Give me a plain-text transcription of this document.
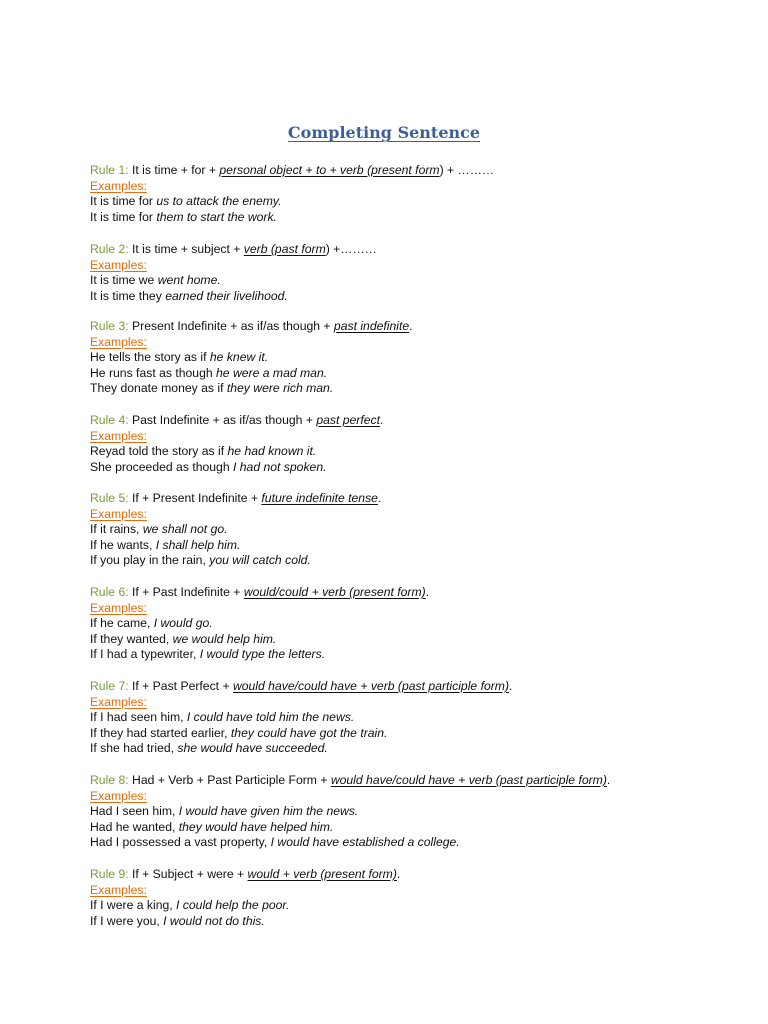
Completing Sentence
Rule 1: It is time + for + personal object + to + verb (present form) + ………
Examples:
It is time for us to attack the enemy.
It is time for them to start the work.
Rule 2: It is time + subject + verb (past form) +………
Examples:
It is time we went home.
It is time they earned their livelihood.
Rule 3: Present Indefinite + as if/as though + past indefinite.
Examples:
He tells the story as if he knew it.
He runs fast as though he were a mad man.
They donate money as if they were rich man.
Rule 4: Past Indefinite + as if/as though + past perfect.
Examples:
Reyad told the story as if he had known it.
She proceeded as though I had not spoken.
Rule 5: If + Present Indefinite + future indefinite tense.
Examples:
If it rains, we shall not go.
If he wants, I shall help him.
If you play in the rain, you will catch cold.
Rule 6: If + Past Indefinite + would/could + verb (present form).
Examples:
If he came, I would go.
If they wanted, we would help him.
If I had a typewriter, I would type the letters.
Rule 7: If + Past Perfect + would have/could have + verb (past participle form).
Examples:
If I had seen him, I could have told him the news.
If they had started earlier, they could have got the train.
If she had tried, she would have succeeded.
Rule 8: Had + Verb + Past Participle Form + would have/could have + verb (past participle form).
Examples:
Had I seen him, I would have given him the news.
Had he wanted, they would have helped him.
Had I possessed a vast property, I would have established a college.
Rule 9: If + Subject + were + would + verb (present form).
Examples:
If I were a king, I could help the poor.
If I were you, I would not do this.
